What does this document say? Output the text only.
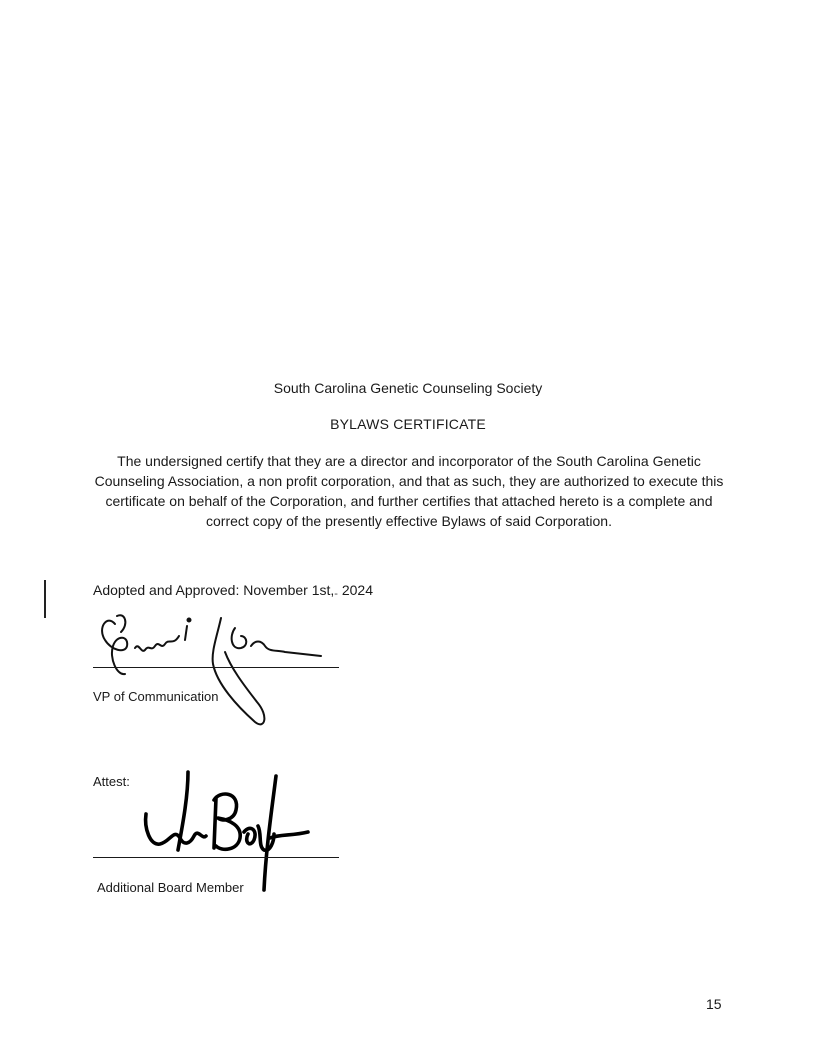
South Carolina Genetic Counseling Society
BYLAWS CERTIFICATE
The undersigned certify that they are a director and incorporator of the South Carolina Genetic Counseling Association, a non profit corporation, and that as such, they are authorized to execute this certificate on behalf of the Corporation, and further certifies that attached hereto is a complete and correct copy of the presently effective Bylaws of said Corporation.
Adopted and Approved: November 1st,- 2024
VP of Communication
Attest:
Additional Board Member
15
